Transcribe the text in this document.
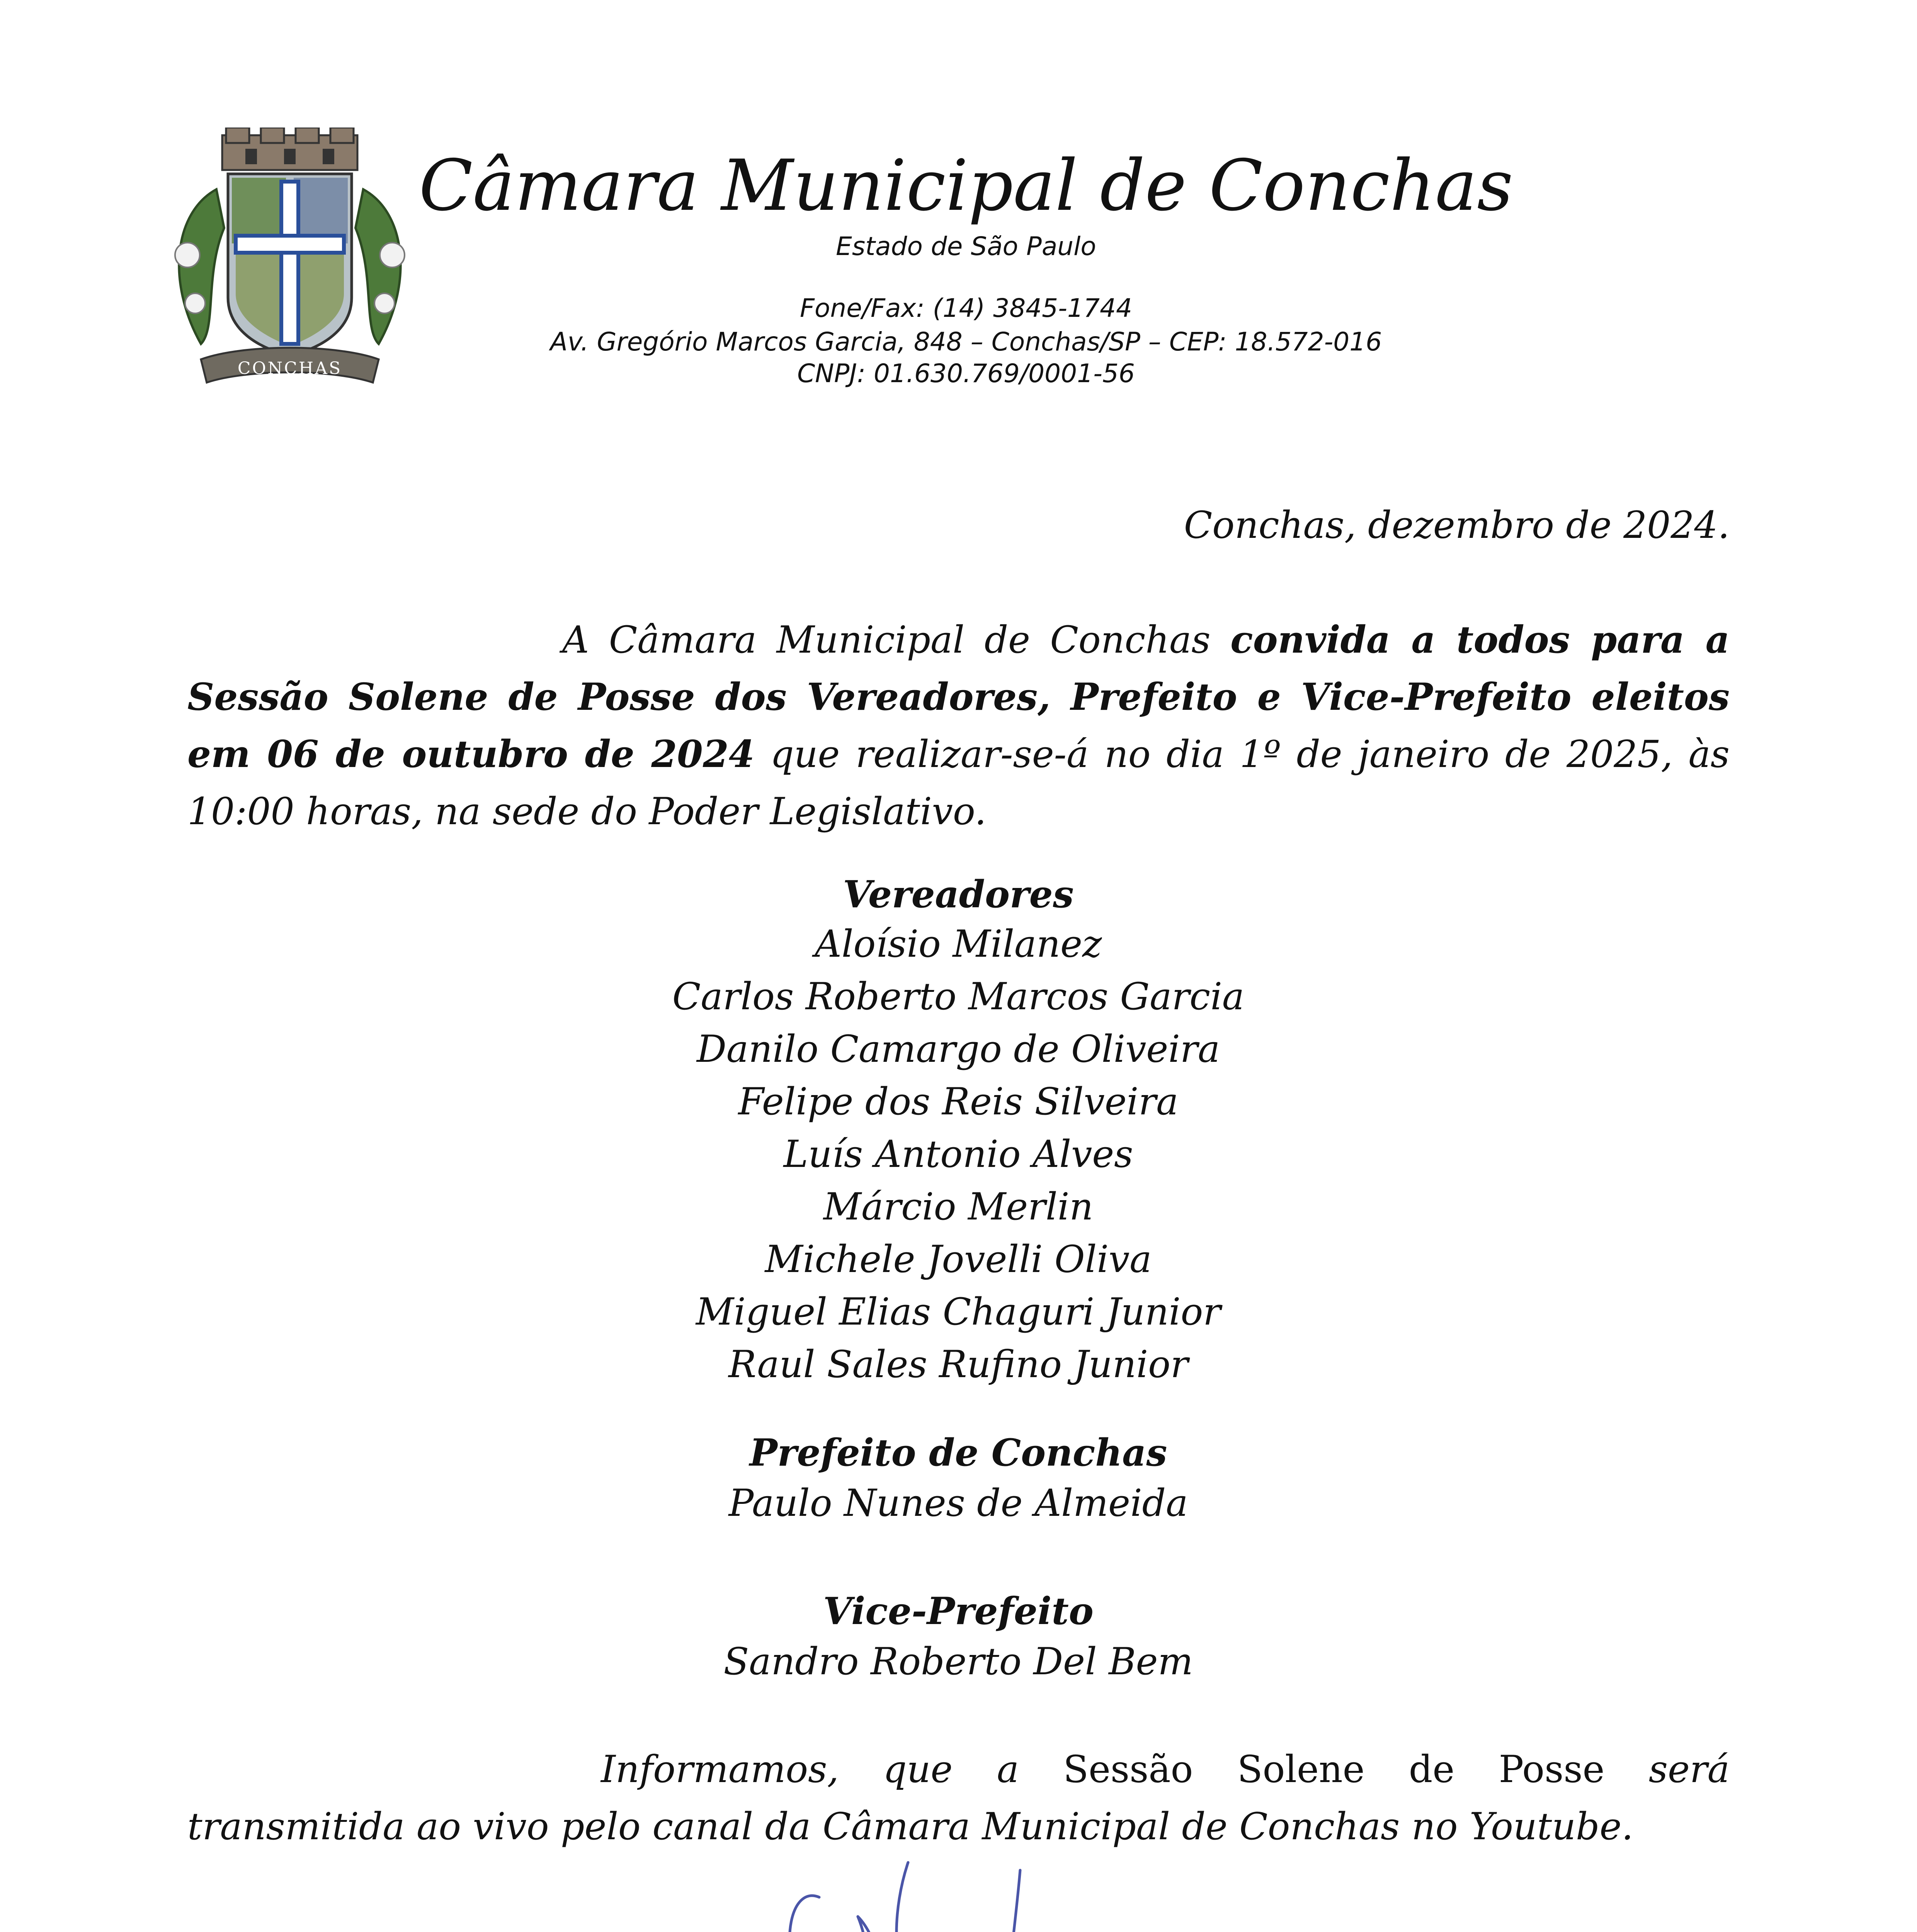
CONCHAS
Câmara Municipal de Conchas
Estado de São Paulo
Fone/Fax: (14) 3845-1744
Av. Gregório Marcos Garcia, 848 – Conchas/SP – CEP: 18.572-016
CNPJ: 01.630.769/0001-56
Conchas, dezembro de 2024.

A Câmara Municipal de Conchas convida a todos para a Sessão Solene de Posse dos Vereadores, Prefeito e Vice-Prefeito eleitos em 06 de outubro de 2024 que realizar-se-á no dia 1º de janeiro de 2025, às 10:00 horas, na sede do Poder Legislativo.

Vereadores
Aloísio Milanez
Carlos Roberto Marcos Garcia
Danilo Camargo de Oliveira
Felipe dos Reis Silveira
Luís Antonio Alves
Márcio Merlin
Michele Jovelli Oliva
Miguel Elias Chaguri Junior
Raul Sales Rufino Junior
Prefeito de Conchas
Paulo Nunes de Almeida
Vice-Prefeito
Sandro Roberto Del Bem

Informamos, que a Sessão Solene de Posse será transmitida ao vivo pelo canal da Câmara Municipal de Conchas no Youtube.
